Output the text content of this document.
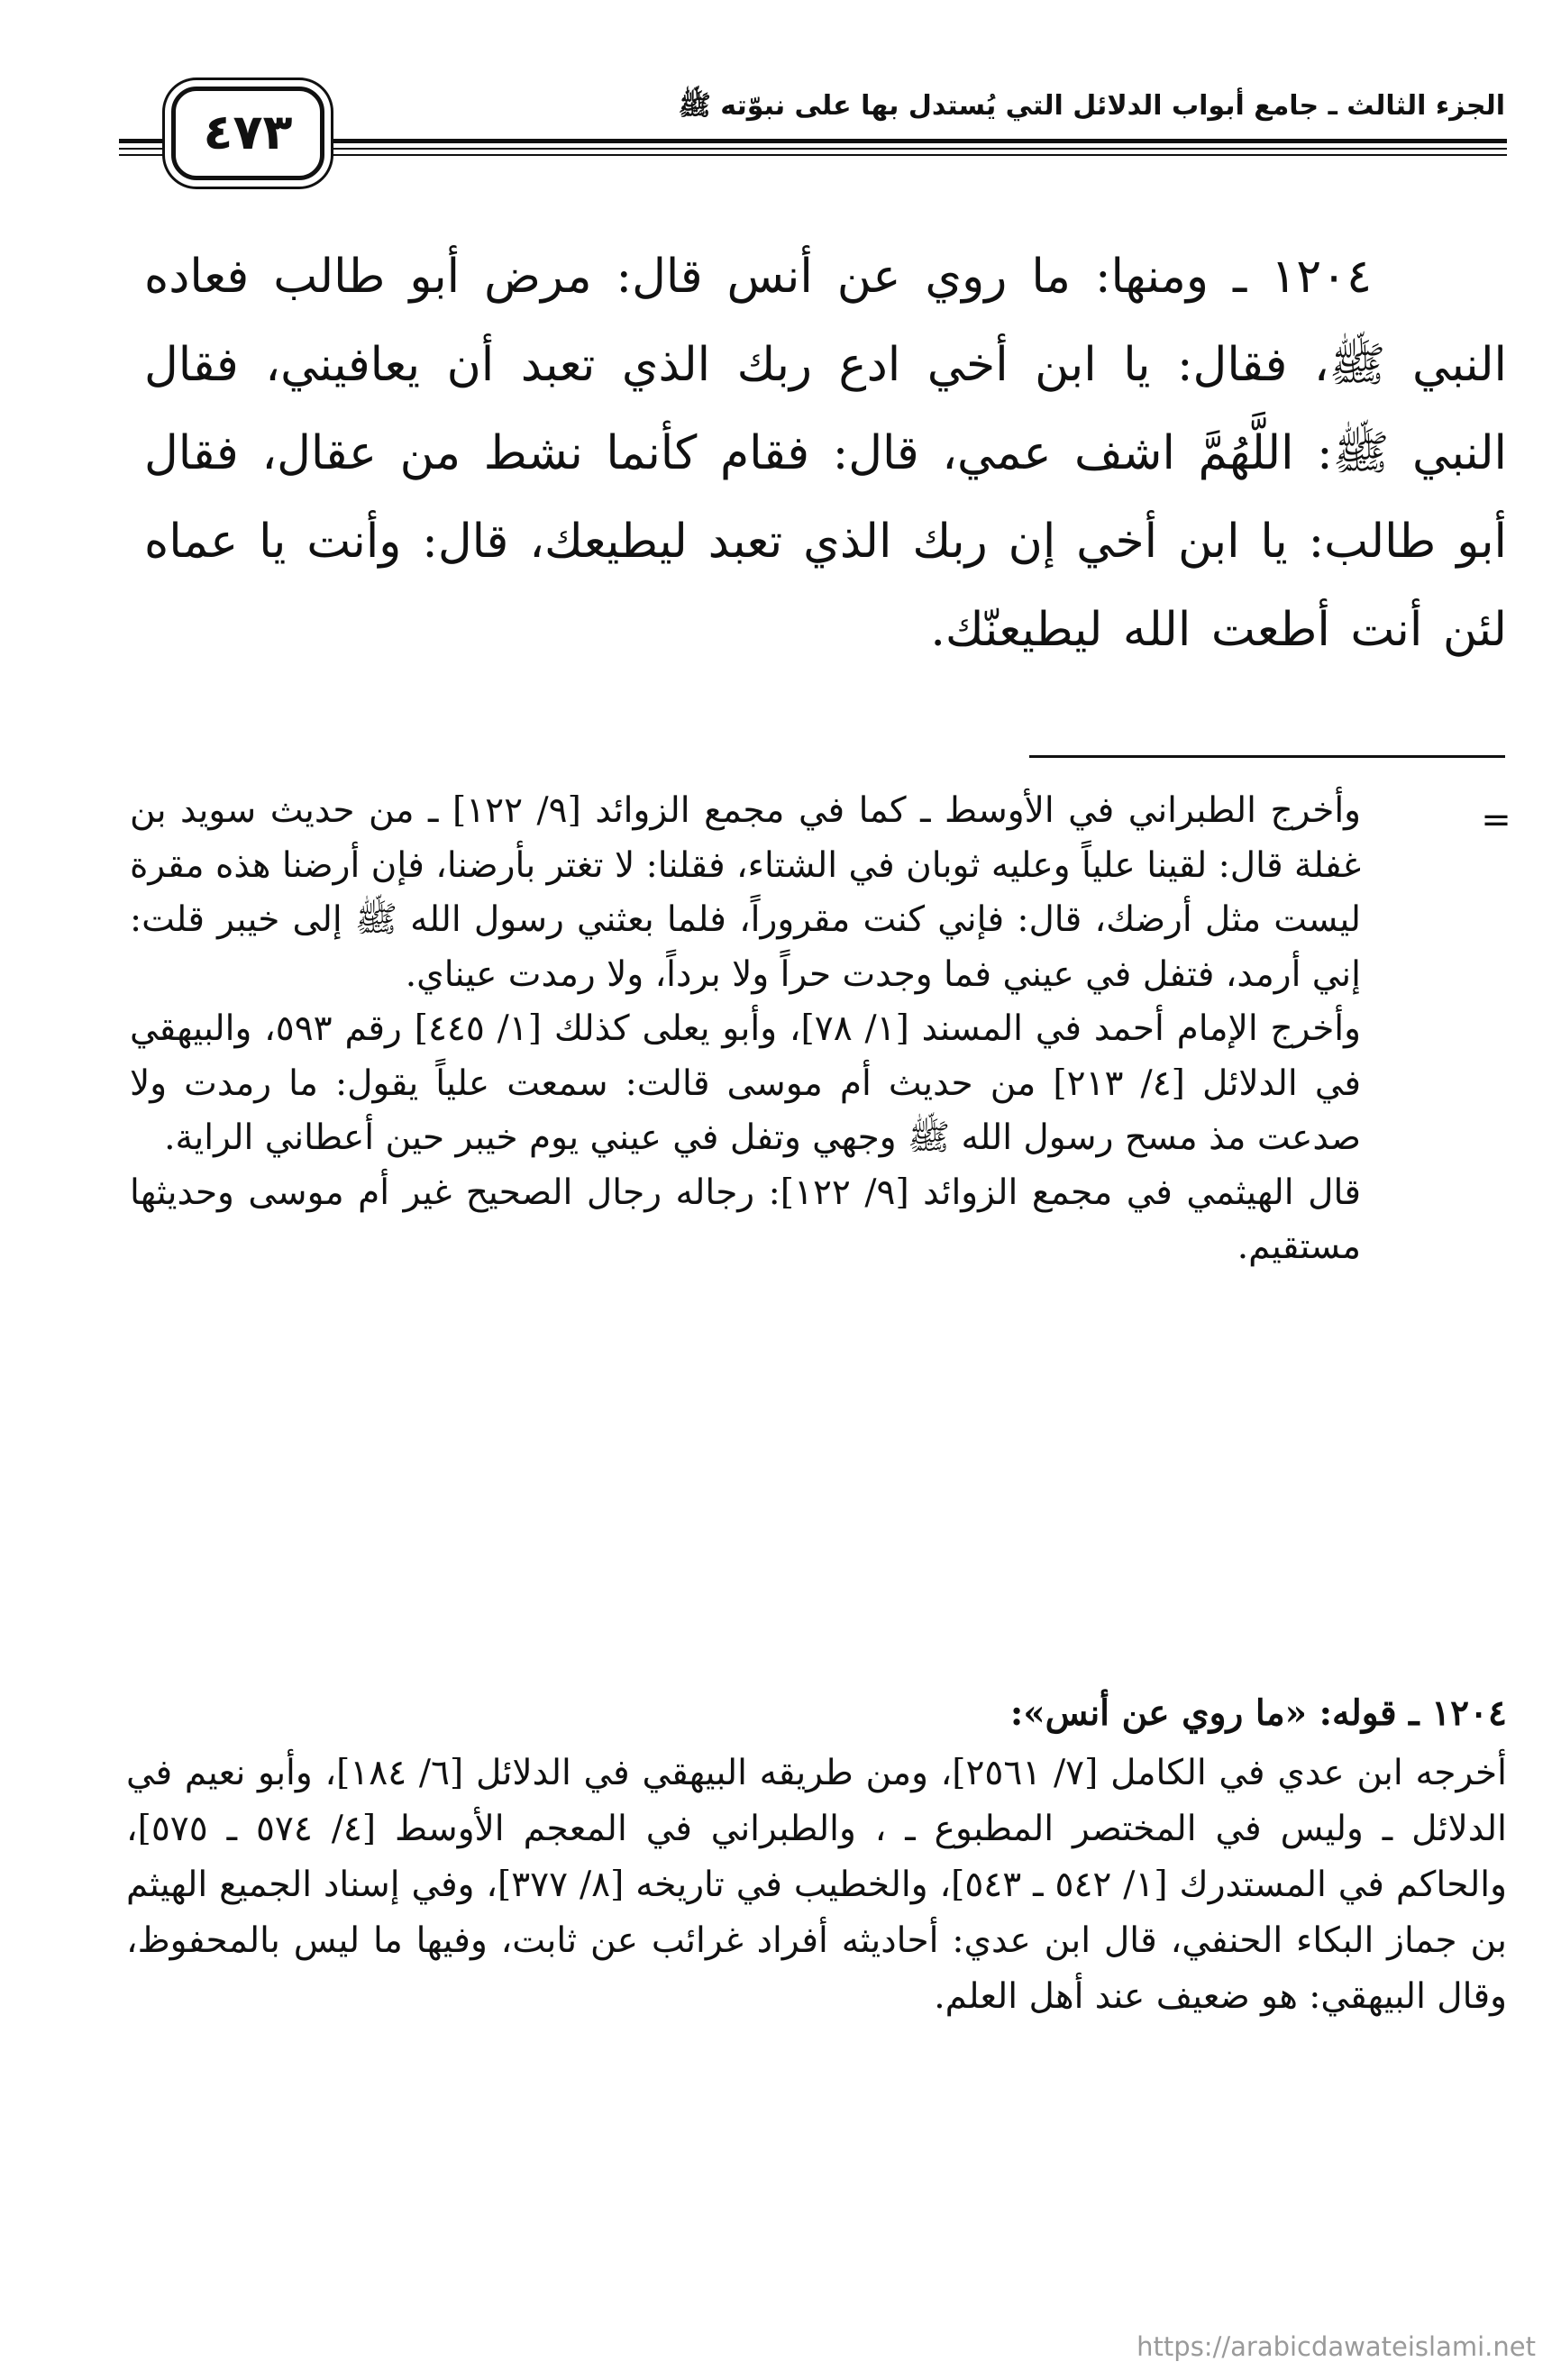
الجزء الثالث ـ جامع أبواب الدلائل التي يُستدل بها على نبوّته ﷺ
٤٧٣

١٢٠٤ ـ ومنها: ما روي عن أنس قال: مرض أبو طالب فعاده النبي ﷺ، فقال: يا ابن أخي ادع ربك الذي تعبد أن يعافيني، فقال النبي ﷺ: اللَّهُمَّ اشف عمي، قال: فقام كأنما نشط من عقال، فقال أبو طالب: يا ابن أخي إن ربك الذي تعبد ليطيعك، قال: وأنت يا عماه لئن أنت أطعت الله ليطيعنّك.

=

وأخرج الطبراني في الأوسط ـ كما في مجمع الزوائد [٩/ ١٢٢] ـ من حديث سويد بن غفلة قال: لقينا علياً وعليه ثوبان في الشتاء، فقلنا: لا تغتر بأرضنا، فإن أرضنا هذه مقرة ليست مثل أرضك، قال: فإني كنت مقروراً، فلما بعثني رسول الله ﷺ إلى خيبر قلت: إني أرمد، فتفل في عيني فما وجدت حراً ولا برداً، ولا رمدت عيناي.

وأخرج الإمام أحمد في المسند [١/ ٧٨]، وأبو يعلى كذلك [١/ ٤٤٥] رقم ٥٩٣، والبيهقي في الدلائل [٤/ ٢١٣] من حديث أم موسى قالت: سمعت علياً يقول: ما رمدت ولا صدعت مذ مسح رسول الله ﷺ وجهي وتفل في عيني يوم خيبر حين أعطاني الراية.

قال الهيثمي في مجمع الزوائد [٩/ ١٢٢]: رجاله رجال الصحيح غير أم موسى وحديثها مستقيم.

١٢٠٤ ـ قوله: «ما روي عن أنس»:

أخرجه ابن عدي في الكامل [٧/ ٢٥٦١]، ومن طريقه البيهقي في الدلائل [٦/ ١٨٤]، وأبو نعيم في الدلائل ـ وليس في المختصر المطبوع ـ ، والطبراني في المعجم الأوسط [٤/ ٥٧٤ ـ ٥٧٥]، والحاكم في المستدرك [١/ ٥٤٢ ـ ٥٤٣]، والخطيب في تاريخه [٨/ ٣٧٧]، وفي إسناد الجميع الهيثم بن جماز البكاء الحنفي، قال ابن عدي: أحاديثه أفراد غرائب عن ثابت، وفيها ما ليس بالمحفوظ، وقال البيهقي: هو ضعيف عند أهل العلم.

https://arabicdawateislami.net
